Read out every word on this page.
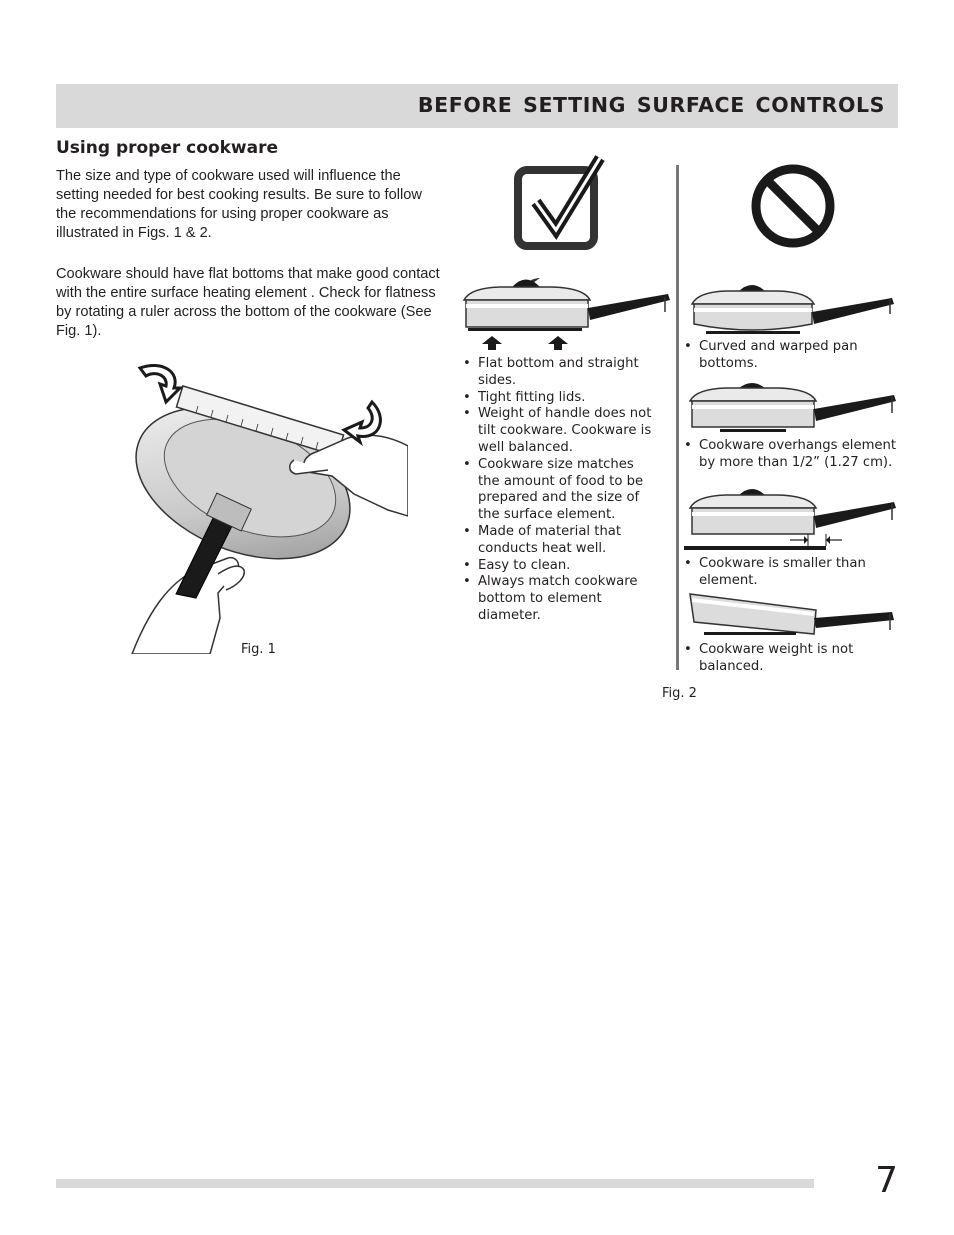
BEFORE SETTING SURFACE CONTROLS
Using proper cookware

The size and type of cookware used will influence the setting needed for best cooking results. Be sure to follow the recommendations for using proper cookware as illustrated in Figs. 1 & 2.

Cookware should have flat bottoms that make good contact with the entire surface heating element . Check for flatness by rotating a ruler across the bottom of the cookware (See Fig. 1).

Fig. 1
• Flat bottom and straight sides.
• Tight fitting lids.
• Weight of handle does not tilt cookware. Cookware is well balanced.
• Cookware size matches the amount of food to be prepared and the size of the surface element.
• Made of material that conducts heat well.
• Easy to clean.
• Always match cookware bottom to element diameter.
• Curved and warped pan bottoms.
• Cookware overhangs element by more than 1/2” (1.27 cm).
• Cookware is smaller than element.
• Cookware weight is not balanced.
Fig. 2
7
